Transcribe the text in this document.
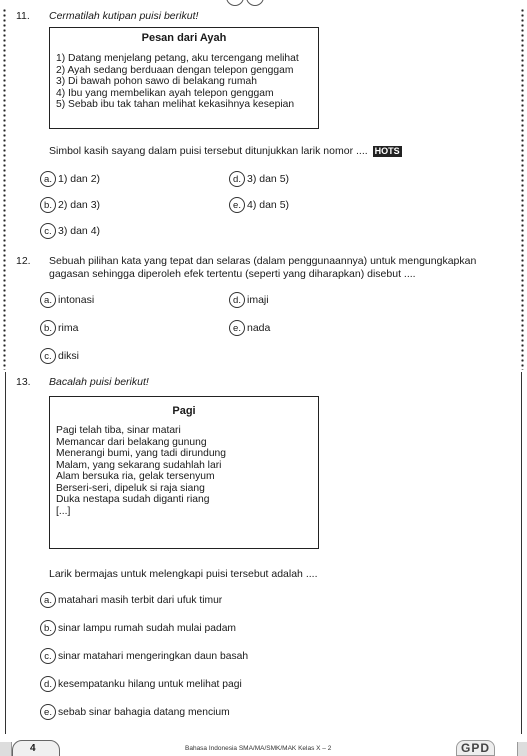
11. Cermatilah kutipan puisi berikut!
Pesan dari Ayah
1) Datang menjelang petang, aku tercengang melihat
2) Ayah sedang berduaan dengan telepon genggam
3) Di bawah pohon sawo di belakang rumah
4) Ibu yang membelikan ayah telepon genggam
5) Sebab ibu tak tahan melihat kekasihnya kesepian
Simbol kasih sayang dalam puisi tersebut ditunjukkan larik nomor .... HOTS
a. 1) dan 2)
b. 2) dan 3)
c. 3) dan 4)
d. 3) dan 5)
e. 4) dan 5)
12. Sebuah pilihan kata yang tepat dan selaras (dalam penggunaannya) untuk mengungkapkan gagasan sehingga diperoleh efek tertentu (seperti yang diharapkan) disebut ....
a. intonasi
b. rima
c. diksi
d. imaji
e. nada
13. Bacalah puisi berikut!
Pagi
Pagi telah tiba, sinar matari
Memancar dari belakang gunung
Menerangi bumi, yang tadi dirundung
Malam, yang sekarang sudahlah lari
Alam bersuka ria, gelak tersenyum
Berseri-seri, dipeluk si raja siang
Duka nestapa sudah diganti riang
[...]
Larik bermajas untuk melengkapi puisi tersebut adalah ....
a. matahari masih terbit dari ufuk timur
b. sinar lampu rumah sudah mulai padam
c. sinar matahari mengeringkan daun basah
d. kesempatanku hilang untuk melihat pagi
e. sebab sinar bahagia datang mencium
4	Bahasa Indonesia SMA/MA/SMK/MAK Kelas X – 2	GPD
